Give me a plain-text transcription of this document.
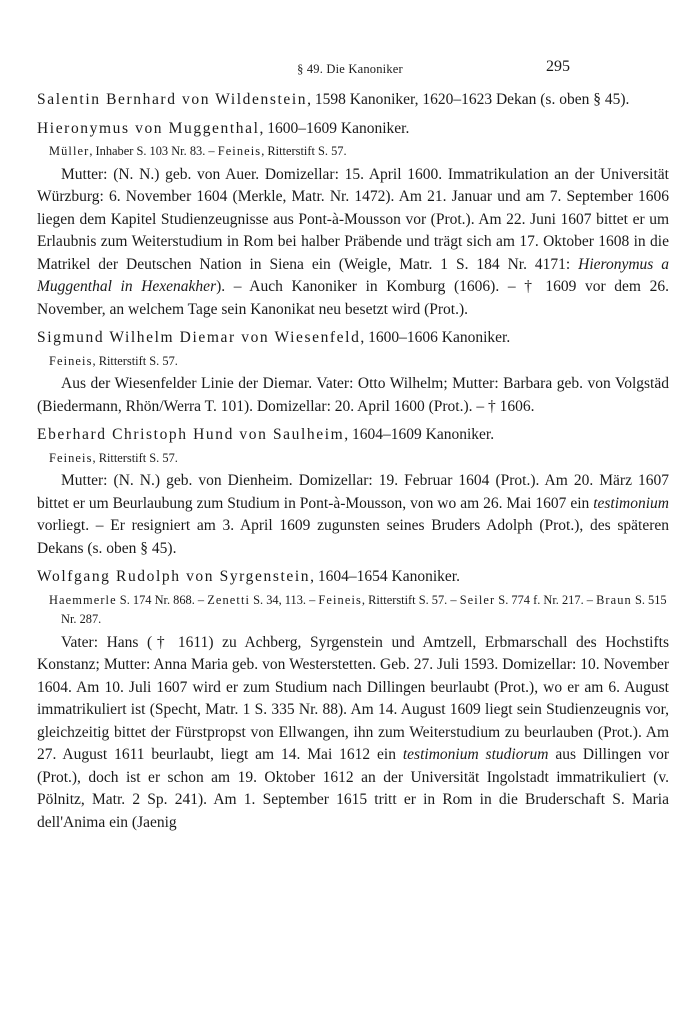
§ 49. Die Kanoniker	295

Salentin Bernhard von Wildenstein, 1598 Kanoniker, 1620–1623 Dekan (s. oben § 45).

Hieronymus von Muggenthal, 1600–1609 Kanoniker.

Müller, Inhaber S. 103 Nr. 83. – Feineis, Ritterstift S. 57.

Mutter: (N. N.) geb. von Auer. Domizellar: 15. April 1600. Immatrikulation an der Universität Würzburg: 6. November 1604 (Merkle, Matr. Nr. 1472). Am 21. Januar und am 7. September 1606 liegen dem Kapitel Studienzeugnisse aus Pont-à-Mousson vor (Prot.). Am 22. Juni 1607 bittet er um Erlaubnis zum Weiterstudium in Rom bei halber Präbende und trägt sich am 17. Oktober 1608 in die Matrikel der Deutschen Nation in Siena ein (Weigle, Matr. 1 S. 184 Nr. 4171: Hieronymus a Muggenthal in Hexenakher). – Auch Kanoniker in Komburg (1606). – † 1609 vor dem 26. November, an welchem Tage sein Kanonikat neu besetzt wird (Prot.).

Sigmund Wilhelm Diemar von Wiesenfeld, 1600–1606 Kanoniker.

Feineis, Ritterstift S. 57.

Aus der Wiesenfelder Linie der Diemar. Vater: Otto Wilhelm; Mutter: Barbara geb. von Volgstäd (Biedermann, Rhön/Werra T. 101). Domizellar: 20. April 1600 (Prot.). – † 1606.

Eberhard Christoph Hund von Saulheim, 1604–1609 Kanoniker.

Feineis, Ritterstift S. 57.

Mutter: (N. N.) geb. von Dienheim. Domizellar: 19. Februar 1604 (Prot.). Am 20. März 1607 bittet er um Beurlaubung zum Studium in Pont-à-Mousson, von wo am 26. Mai 1607 ein testimonium vorliegt. – Er resigniert am 3. April 1609 zugunsten seines Bruders Adolph (Prot.), des späteren Dekans (s. oben § 45).

Wolfgang Rudolph von Syrgenstein, 1604–1654 Kanoniker.

Haemmerle S. 174 Nr. 868. – Zenetti S. 34, 113. – Feineis, Ritterstift S. 57. – Seiler S. 774 f. Nr. 217. – Braun S. 515 Nr. 287.

Vater: Hans († 1611) zu Achberg, Syrgenstein und Amtzell, Erbmarschall des Hochstifts Konstanz; Mutter: Anna Maria geb. von Westerstetten. Geb. 27. Juli 1593. Domizellar: 10. November 1604. Am 10. Juli 1607 wird er zum Studium nach Dillingen beurlaubt (Prot.), wo er am 6. August immatrikuliert ist (Specht, Matr. 1 S. 335 Nr. 88). Am 14. August 1609 liegt sein Studienzeugnis vor, gleichzeitig bittet der Fürstpropst von Ellwangen, ihn zum Weiterstudium zu beurlauben (Prot.). Am 27. August 1611 beurlaubt, liegt am 14. Mai 1612 ein testimonium studiorum aus Dillingen vor (Prot.), doch ist er schon am 19. Oktober 1612 an der Universität Ingolstadt immatrikuliert (v. Pölnitz, Matr. 2 Sp. 241). Am 1. September 1615 tritt er in Rom in die Bruderschaft S. Maria dell'Anima ein (Jaenig
